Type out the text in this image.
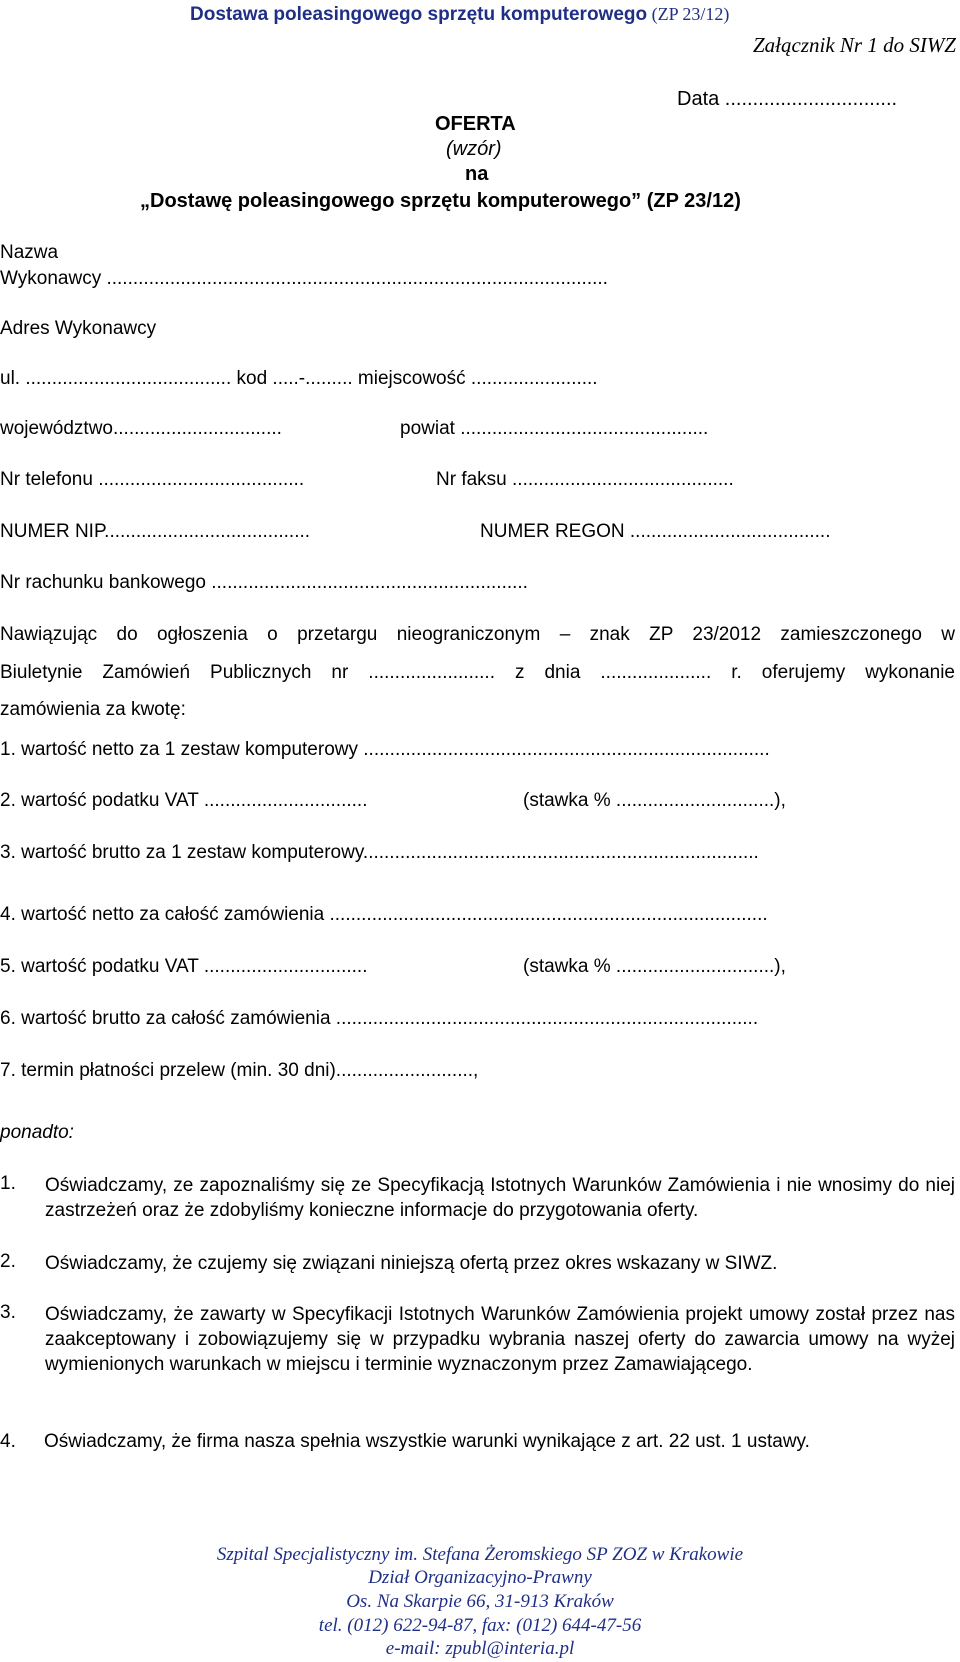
Dostawa poleasingowego sprzętu komputerowego (ZP 23/12)
Załącznik Nr 1 do SIWZ
Data ...............................
OFERTA
(wzór)
na
„Dostawę poleasingowego sprzętu komputerowego” (ZP 23/12)
Nazwa
Wykonawcy ...............................................................................................
Adres Wykonawcy
ul. ....................................... kod .....-......... miejscowość ........................
województwo................................	powiat ...............................................
Nr telefonu .......................................	Nr faksu ..........................................
NUMER NIP.......................................	NUMER REGON ......................................
Nr rachunku bankowego ............................................................
Nawiązując do ogłoszenia o przetargu nieograniczonym – znak ZP 23/2012 zamieszczonego w
Biuletynie Zamówień Publicznych nr ........................ z dnia ..................... r. oferujemy wykonanie
zamówienia za kwotę:
1. wartość netto za 1 zestaw komputerowy .............................................................................
2. wartość podatku VAT ...............................	(stawka % ..............................),
3. wartość brutto za 1 zestaw komputerowy...........................................................................
4. wartość netto za całość zamówienia ...................................................................................
5. wartość podatku VAT ...............................	(stawka % ..............................),
6. wartość brutto za całość zamówienia ................................................................................
7. termin płatności przelew (min. 30 dni)..........................,
ponadto:
1. Oświadczamy, ze zapoznaliśmy się ze Specyfikacją Istotnych Warunków Zamówienia i nie wnosimy do niej zastrzeżeń oraz że zdobyliśmy konieczne informacje do przygotowania oferty.
2. Oświadczamy, że czujemy się związani niniejszą ofertą przez okres wskazany w SIWZ.
3. Oświadczamy, że zawarty w Specyfikacji Istotnych Warunków Zamówienia projekt umowy został przez nas zaakceptowany i zobowiązujemy się w przypadku wybrania naszej oferty do zawarcia umowy na wyżej wymienionych warunkach w miejscu i terminie wyznaczonym przez Zamawiającego.
4. Oświadczamy, że firma nasza spełnia wszystkie warunki wynikające z art. 22 ust. 1 ustawy.
Szpital Specjalistyczny im. Stefana Żeromskiego SP ZOZ w Krakowie
Dział Organizacyjno-Prawny
Os. Na Skarpie 66, 31-913 Kraków
tel. (012) 622-94-87, fax: (012) 644-47-56
e-mail: zpubl@interia.pl
